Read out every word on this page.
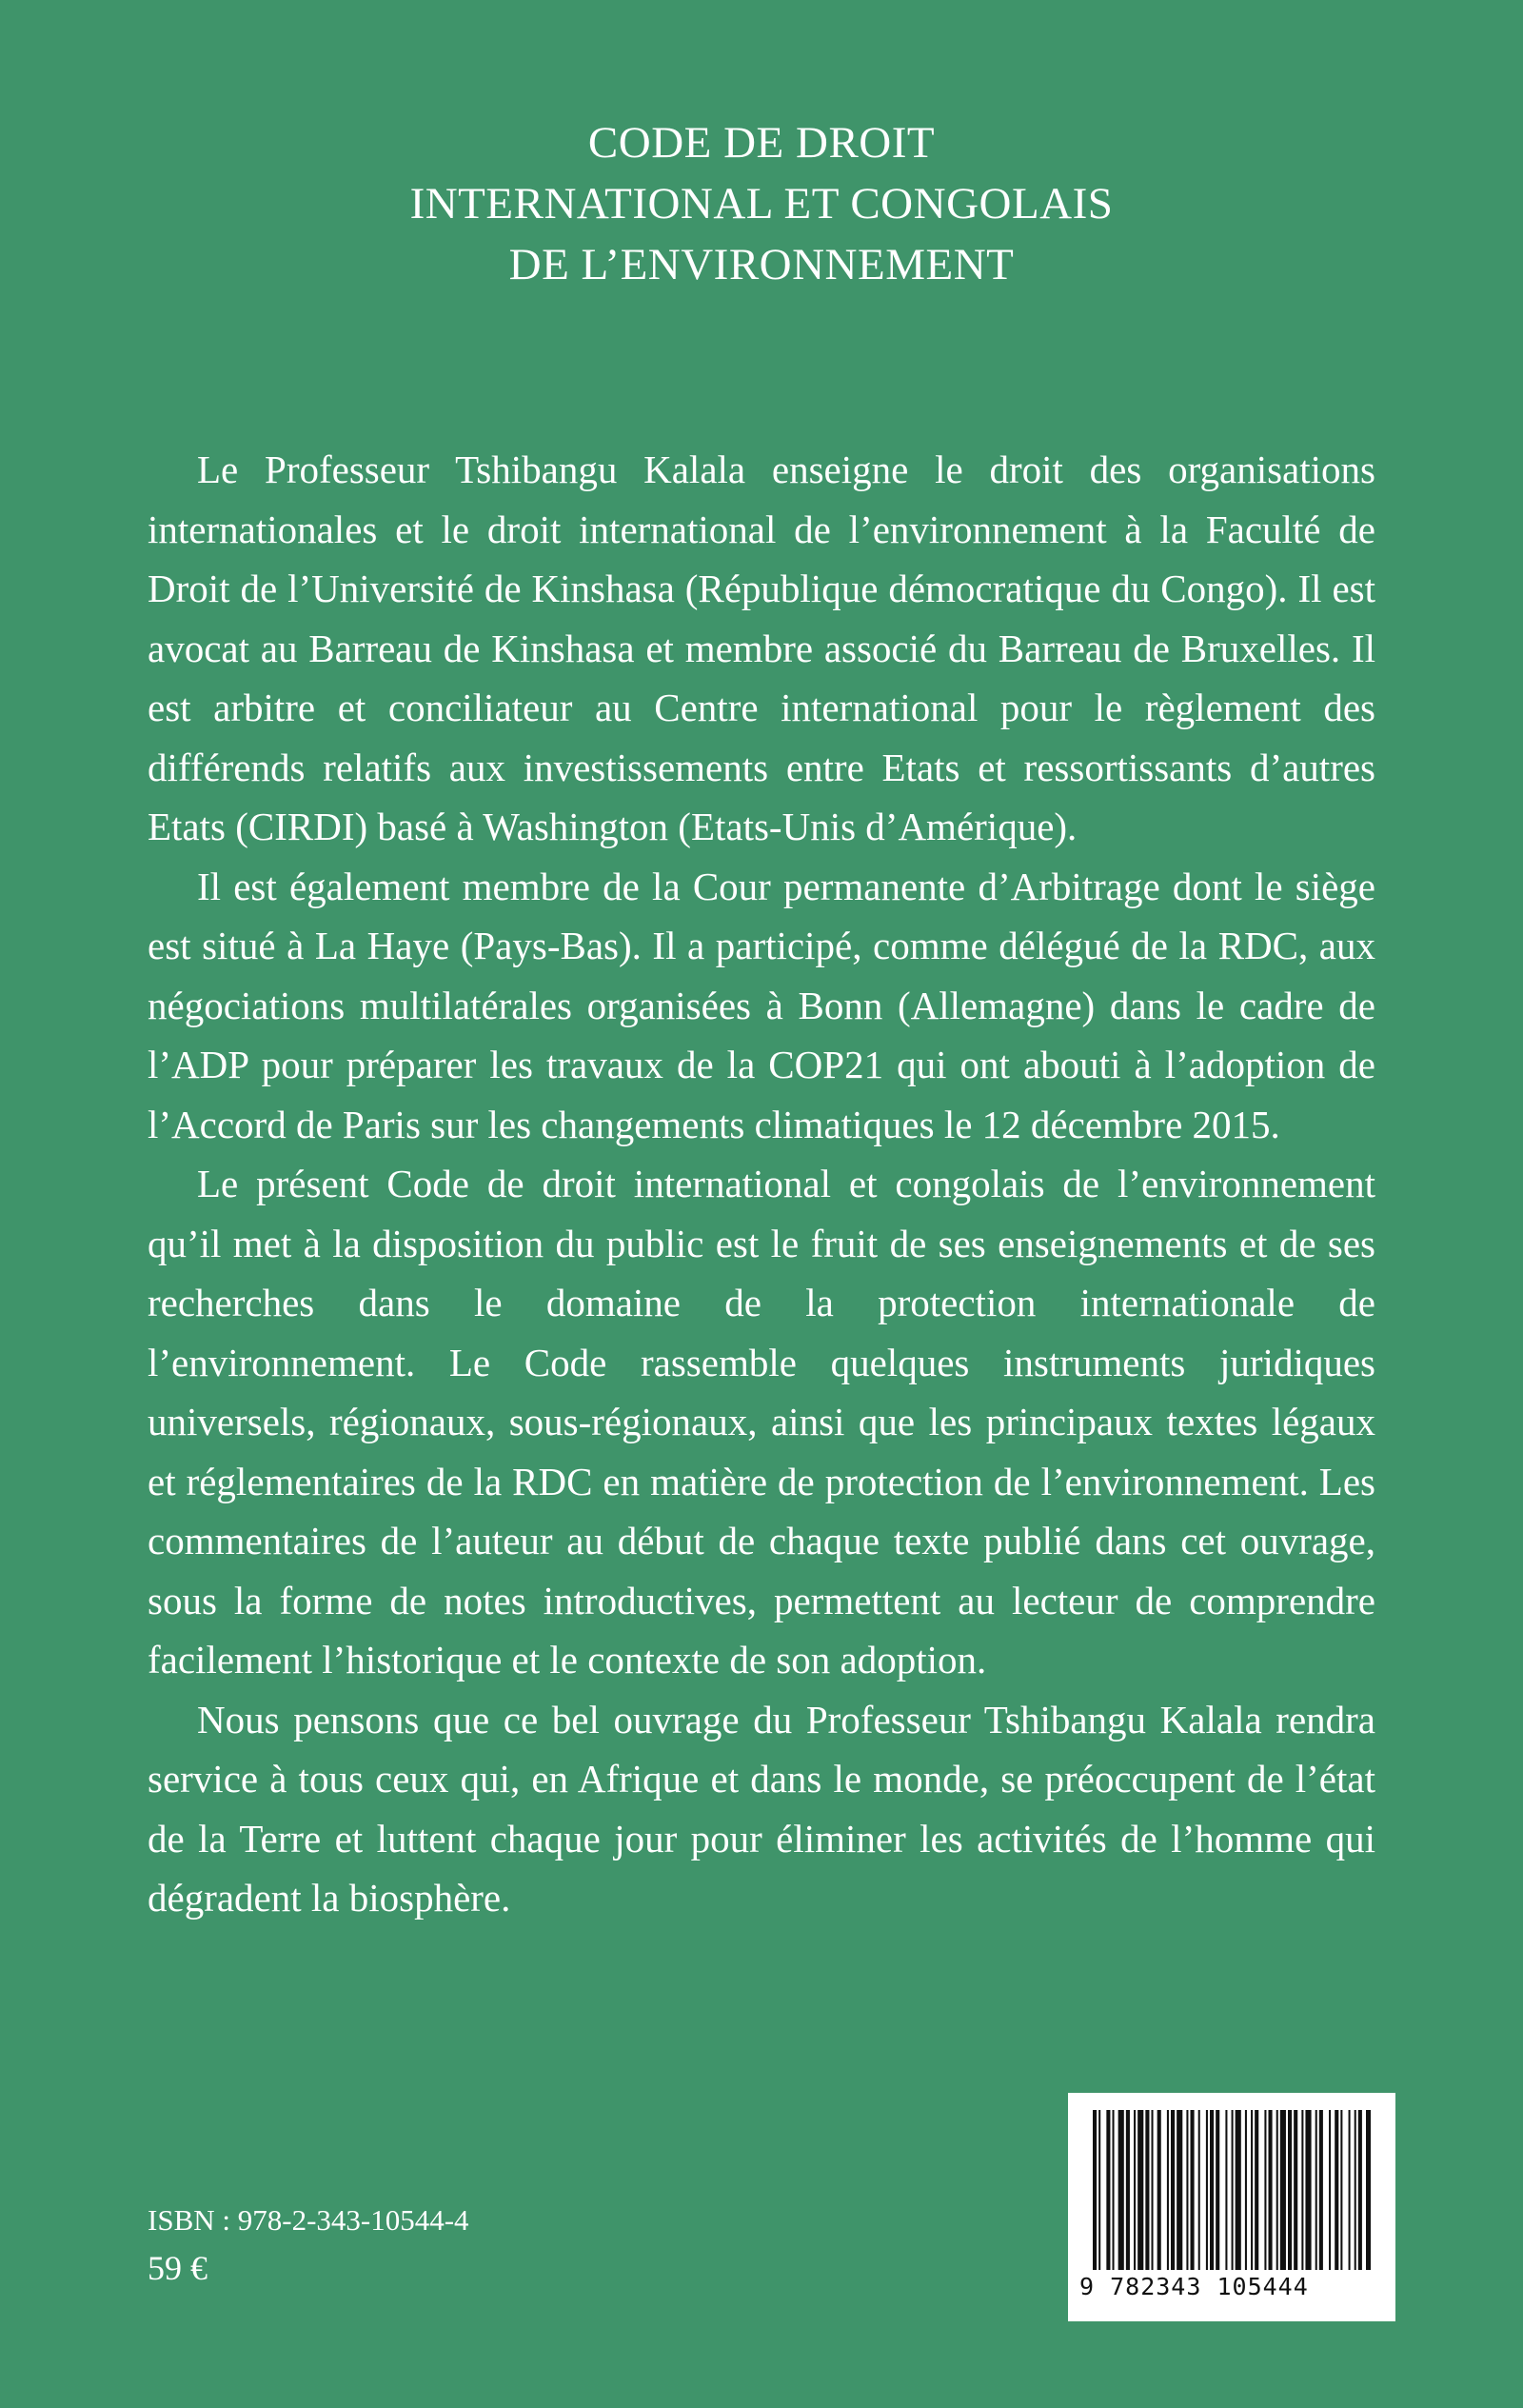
CODE DE DROIT
INTERNATIONAL ET CONGOLAIS
DE L’ENVIRONNEMENT

Le Professeur Tshibangu Kalala enseigne le droit des organisations internationales et le droit international de l’environnement à la Faculté de Droit de l’Université de Kinshasa (République démocratique du Congo). Il est avocat au Barreau de Kinshasa et membre associé du Barreau de Bruxelles. Il est arbitre et conciliateur au Centre international pour le règlement des différends relatifs aux investissements entre Etats et ressortissants d’autres Etats (CIRDI) basé à Washington (Etats-Unis d’Amérique).

Il est également membre de la Cour permanente d’Arbitrage dont le siège est situé à La Haye (Pays-Bas). Il a participé, comme délégué de la RDC, aux négociations multilatérales organisées à Bonn (Allemagne) dans le cadre de l’ADP pour préparer les travaux de la COP21 qui ont abouti à l’adoption de l’Accord de Paris sur les changements climatiques le 12 décembre 2015.

Le présent Code de droit international et congolais de l’environnement qu’il met à la disposition du public est le fruit de ses enseignements et de ses recherches dans le domaine de la protection internationale de l’environnement. Le Code rassemble quelques instruments juridiques universels, régionaux, sous-régionaux, ainsi que les principaux textes légaux et réglementaires de la RDC en matière de protection de l’environnement. Les commentaires de l’auteur au début de chaque texte publié dans cet ouvrage, sous la forme de notes introductives, permettent au lecteur de comprendre facilement l’historique et le contexte de son adoption.

Nous pensons que ce bel ouvrage du Professeur Tshibangu Kalala rendra service à tous ceux qui, en Afrique et dans le monde, se préoccupent de l’état de la Terre et luttent chaque jour pour éliminer les activités de l’homme qui dégradent la biosphère.

ISBN : 978-2-343-10544-4
59 €	9 782343 105444
